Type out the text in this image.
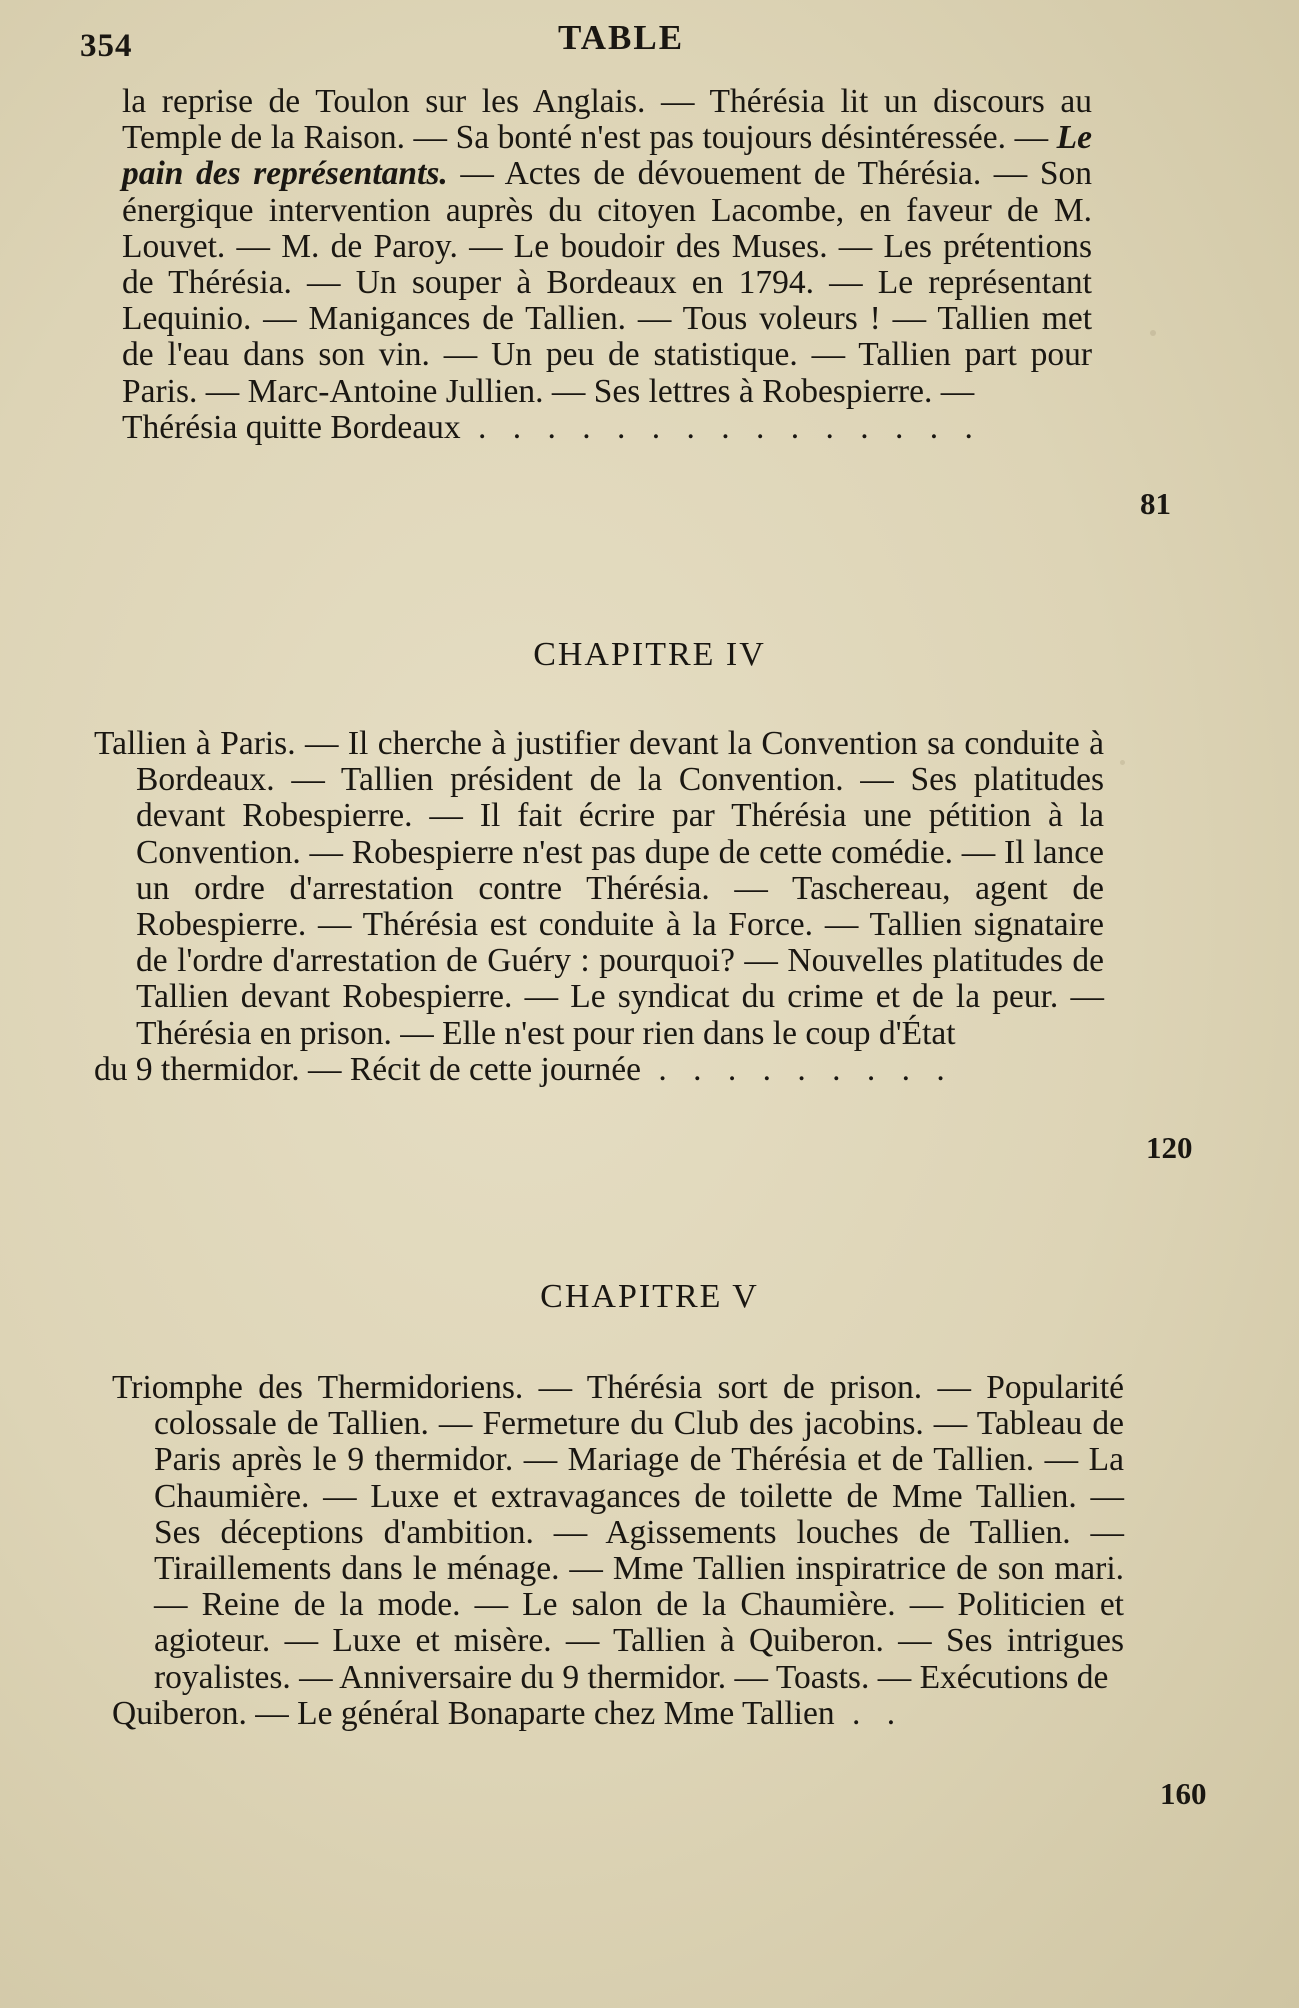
354	TABLE
la reprise de Toulon sur les Anglais. — Thérésia lit un discours au Temple de la Raison. — Sa bonté n'est pas toujours désintéressée. — Le pain des représentants. — Actes de dévouement de Thérésia. — Son énergique intervention auprès du citoyen Lacombe, en faveur de M. Louvet. — M. de Paroy. — Le boudoir des Muses. — Les prétentions de Thérésia. — Un souper à Bordeaux en 1794. — Le représentant Lequinio. — Manigances de Tallien. — Tous voleurs ! — Tallien met de l'eau dans son vin. — Un peu de statistique. — Tallien part pour Paris. — Marc-Antoine Jullien. — Ses lettres à Robespierre. —
Thérésia quitte Bordeaux . . . . . . . . . . . . . . .
81
CHAPITRE IV
Tallien à Paris. — Il cherche à justifier devant la Convention sa conduite à Bordeaux. — Tallien président de la Convention. — Ses platitudes devant Robespierre. — Il fait écrire par Thérésia une pétition à la Convention. — Robespierre n'est pas dupe de cette comédie. — Il lance un ordre d'arrestation contre Thérésia. — Taschereau, agent de Robespierre. — Thérésia est conduite à la Force. — Tallien signataire de l'ordre d'arrestation de Guéry : pourquoi? — Nouvelles platitudes de Tallien devant Robespierre. — Le syndicat du crime et de la peur. — Thérésia en prison. — Elle n'est pour rien dans le coup d'État
du 9 thermidor. — Récit de cette journée . . . . . . . . .
120
CHAPITRE V
Triomphe des Thermidoriens. — Thérésia sort de prison. — Popularité colossale de Tallien. — Fermeture du Club des jacobins. — Tableau de Paris après le 9 thermidor. — Mariage de Thérésia et de Tallien. — La Chaumière. — Luxe et extravagances de toilette de Mme Tallien. — Ses déceptions d'ambition. — Agissements louches de Tallien. — Tiraillements dans le ménage. — Mme Tallien inspiratrice de son mari. — Reine de la mode. — Le salon de la Chaumière. — Politicien et agioteur. — Luxe et misère. — Tallien à Quiberon. — Ses intrigues royalistes. — Anniversaire du 9 thermidor. — Toasts. — Exécutions de
Quiberon. — Le général Bonaparte chez Mme Tallien . .
160
